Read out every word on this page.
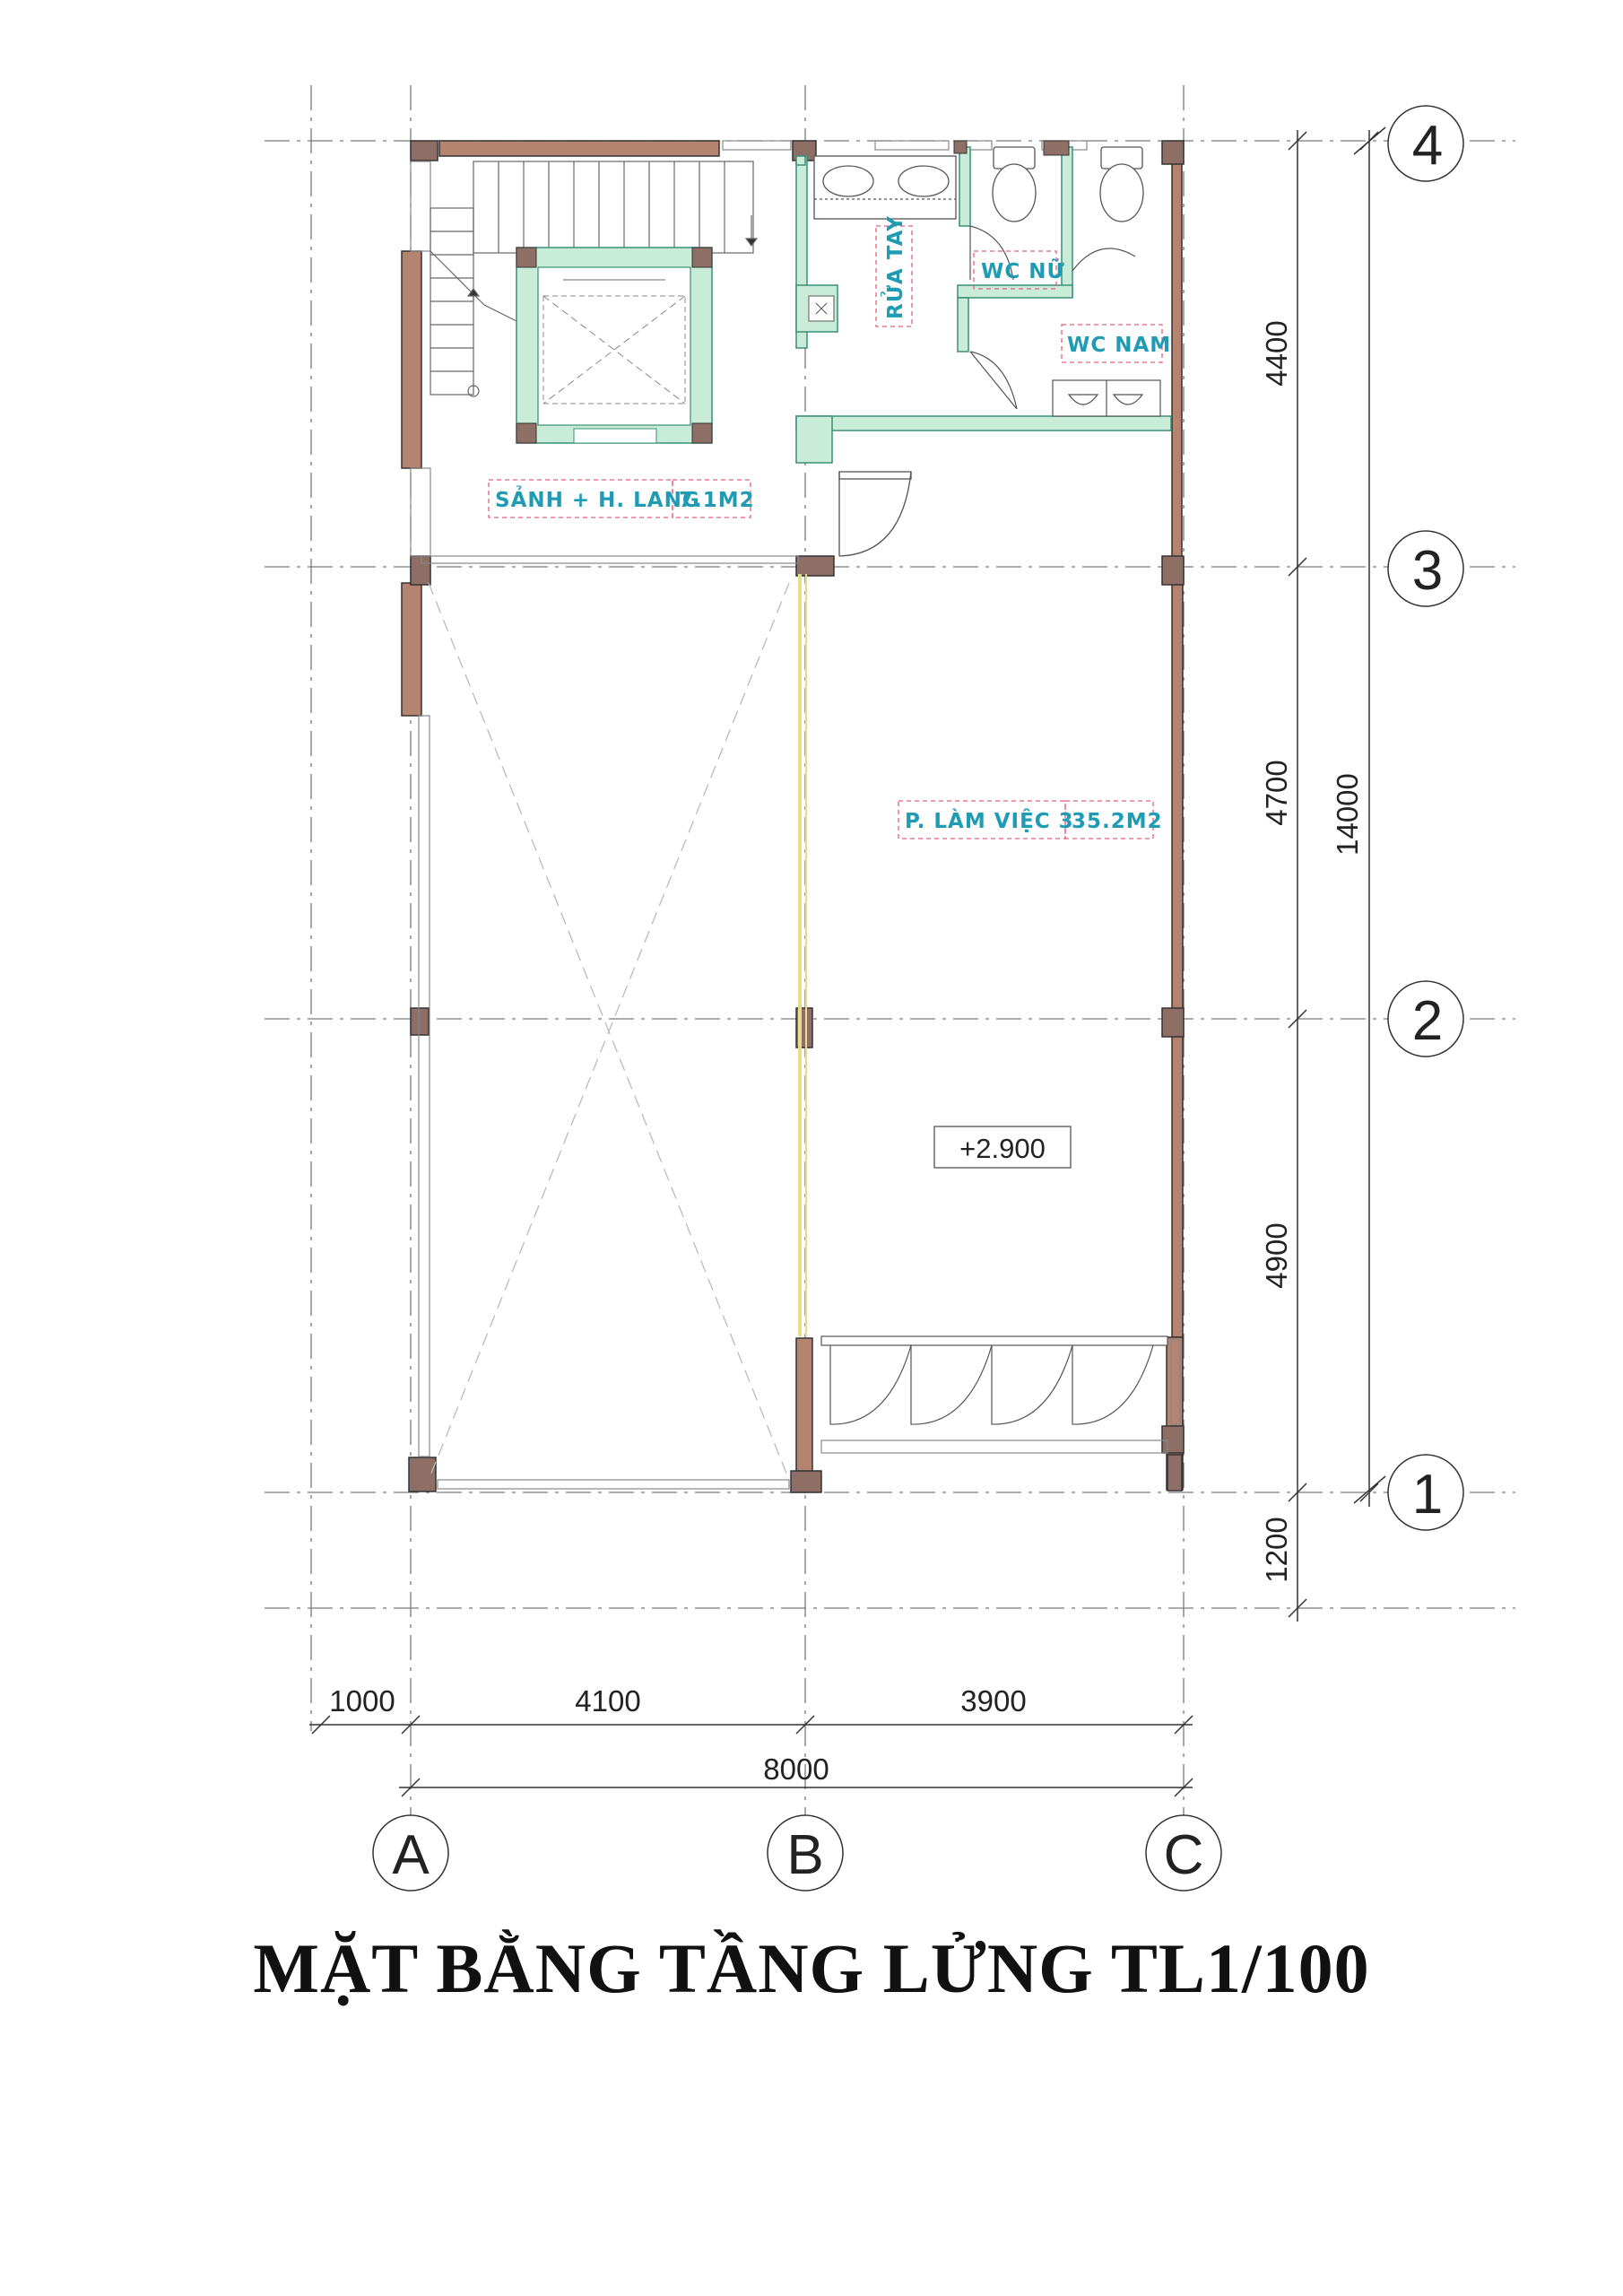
SẢNH + H. LANG
7.1M2
P. LÀM VIỆC 3
35.2M2
RỬA TAY	WC NỮ
WC NAM
+2.900
4400
4700
4900
1200
14000
1000	4100	3900
8000
4
3
2
1
A	B	C
MẶT BẰNG TẦNG LỬNG TL1/100
